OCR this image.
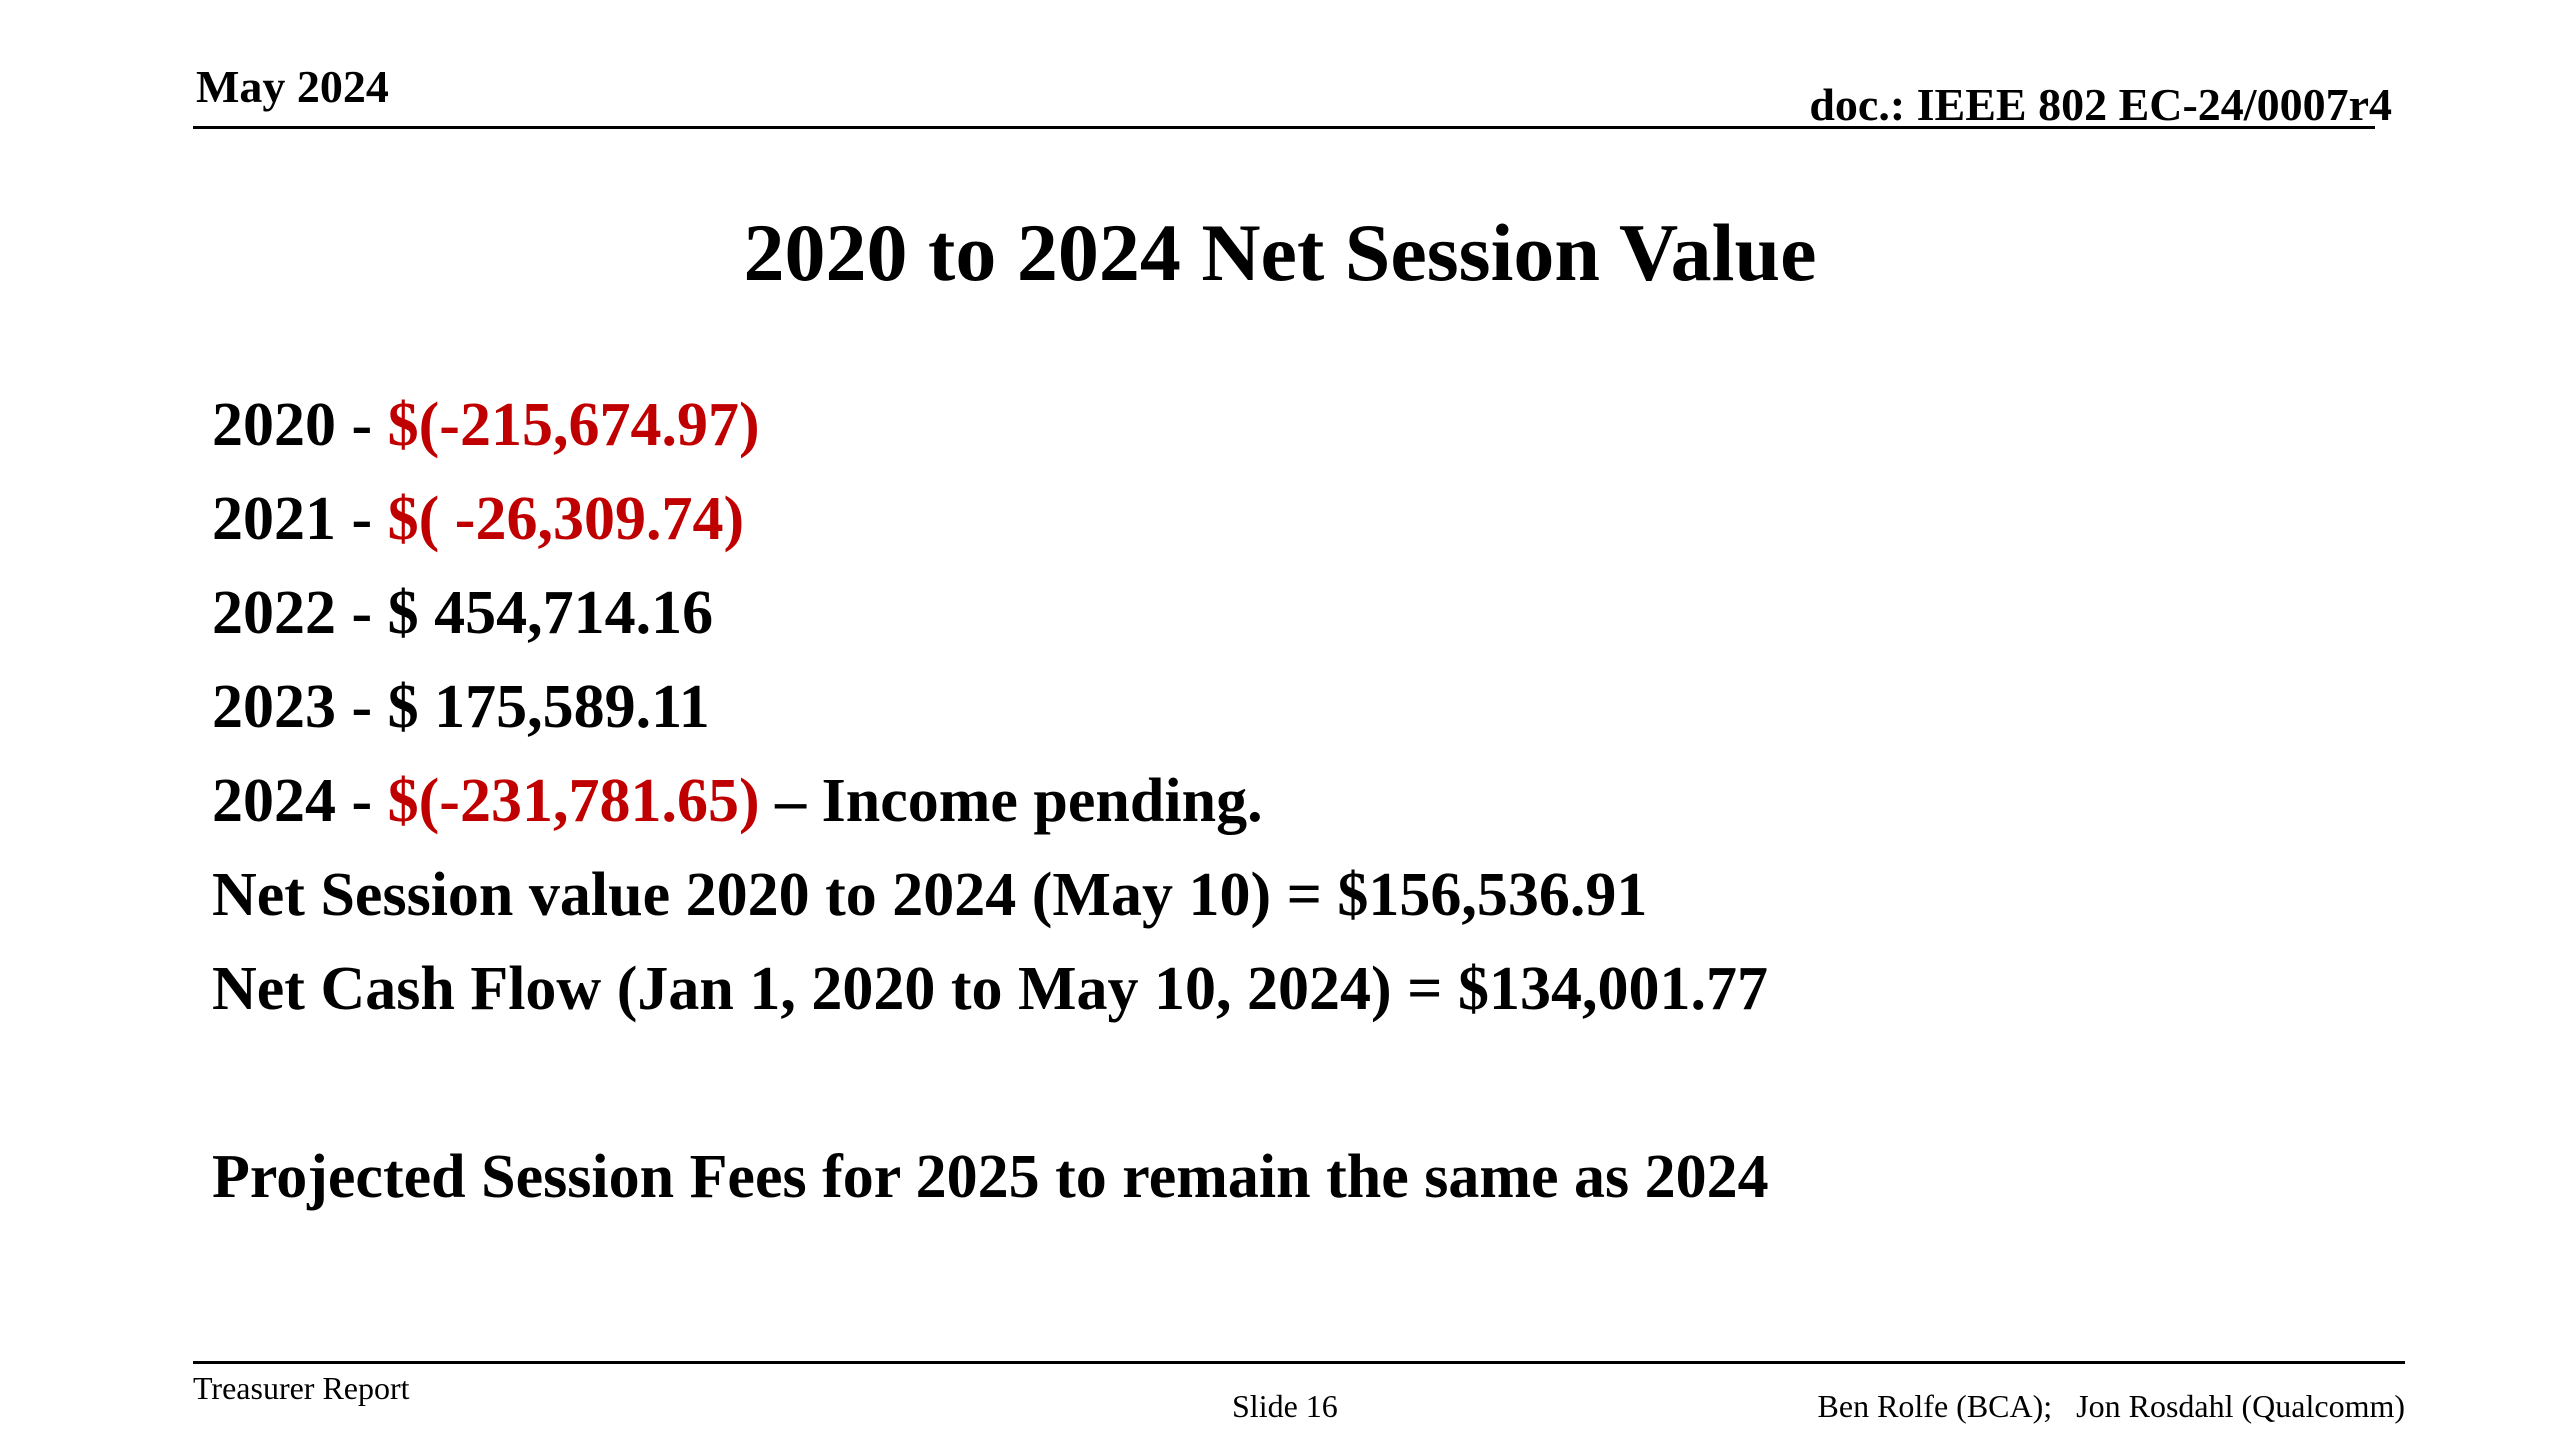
May 2024	doc.: IEEE 802 EC-24/0007r4
2020 to 2024 Net Session Value
2020 - $(-215,674.97)
2021 - $( -26,309.74)
2022 - $ 454,714.16
2023 - $ 175,589.11
2024 - $(-231,781.65) – Income pending.
Net Session value 2020 to 2024 (May 10) = $156,536.91
Net Cash Flow (Jan 1, 2020 to May 10, 2024) = $134,001.77
Projected Session Fees for 2025 to remain the same as 2024
Treasurer Report	Slide 16	Ben Rolfe (BCA);   Jon Rosdahl (Qualcomm)
